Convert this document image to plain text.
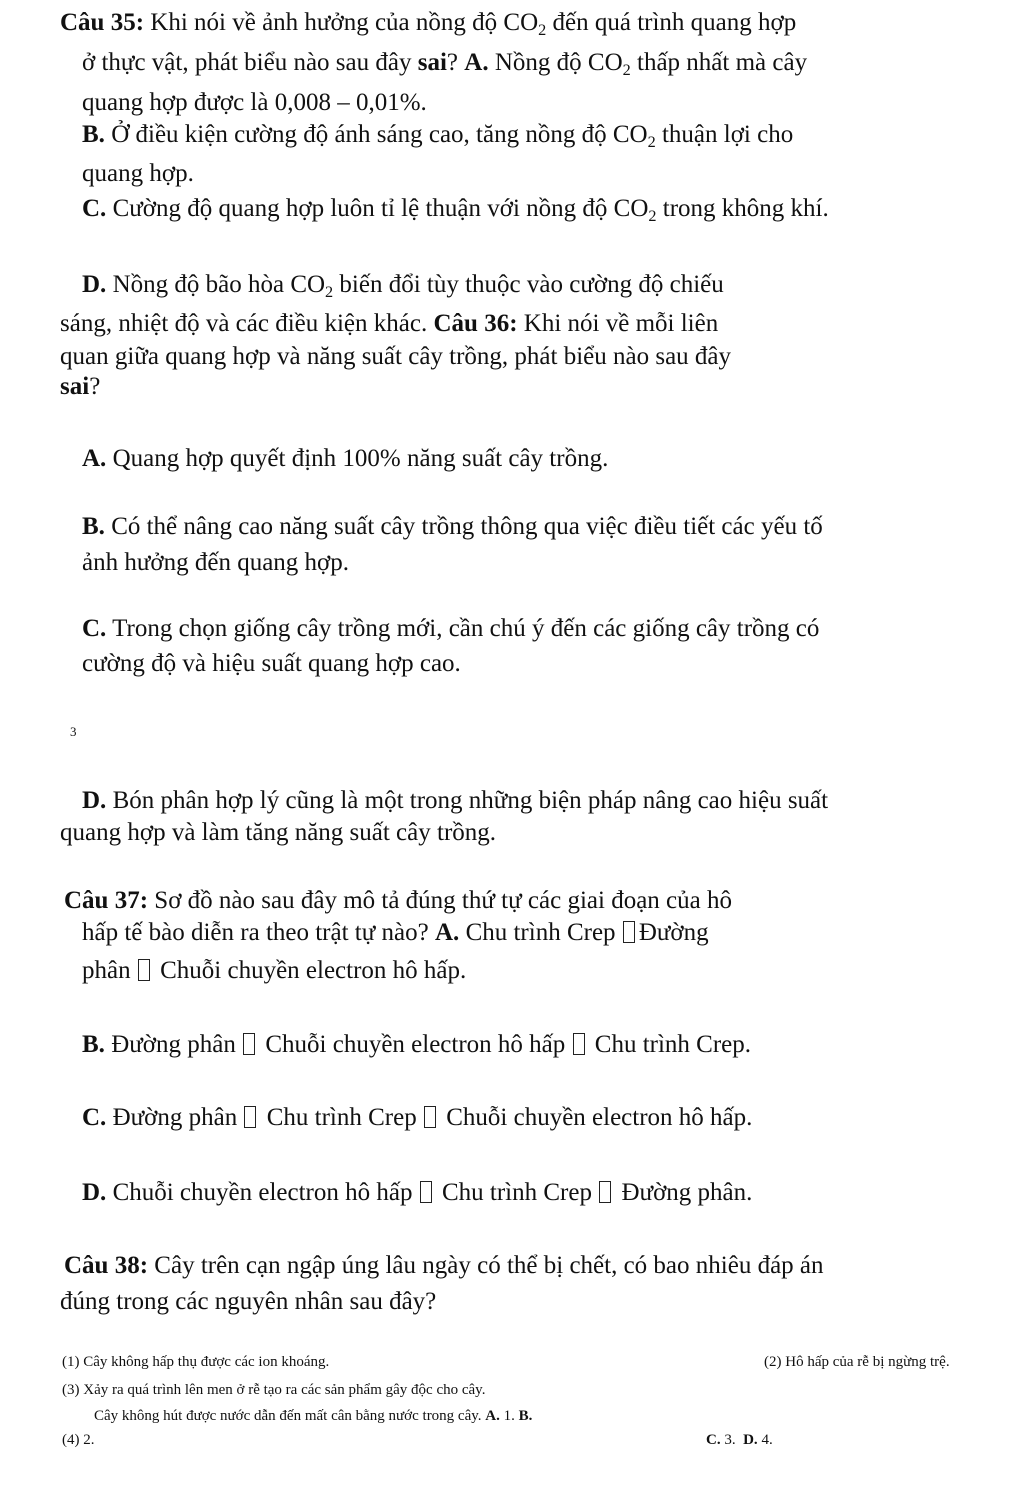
Câu 35: Khi nói về ảnh hưởng của nồng độ $CO_2$ đến quá trình quang hợp
ở thực vật, phát biểu nào sau đây sai? A. Nồng độ $CO_2$ thấp nhất mà cây
quang hợp được là 0,008 – 0,01%.
B. Ở điều kiện cường độ ánh sáng cao, tăng nồng độ $CO_2$ thuận lợi cho
quang hợp.
C. Cường độ quang hợp luôn tỉ lệ thuận với nồng độ $CO_2$ trong không khí.
D. Nồng độ bão hòa $CO_2$ biến đổi tùy thuộc vào cường độ chiếu
sáng, nhiệt độ và các điều kiện khác. Câu 36: Khi nói về mỗi liên
quan giữa quang hợp và năng suất cây trồng, phát biểu nào sau đây
sai?
A. Quang hợp quyết định 100% năng suất cây trồng.
B. Có thể nâng cao năng suất cây trồng thông qua việc điều tiết các yếu tố
ảnh hưởng đến quang hợp.
C. Trong chọn giống cây trồng mới, cần chú ý đến các giống cây trồng có
cường độ và hiệu suất quang hợp cao.
3
D. Bón phân hợp lý cũng là một trong những biện pháp nâng cao hiệu suất
quang hợp và làm tăng năng suất cây trồng.
Câu 37: Sơ đồ nào sau đây mô tả đúng thứ tự các giai đoạn của hô
hấp tế bào diễn ra theo trật tự nào? A. Chu trình Crep Đường
phân Chuỗi chuyền electron hô hấp.
B. Đường phân Chuỗi chuyền electron hô hấp Chu trình Crep.
C. Đường phân Chu trình Crep Chuỗi chuyền electron hô hấp.
D. Chuỗi chuyền electron hô hấp Chu trình Crep Đường phân.
Câu 38: Cây trên cạn ngập úng lâu ngày có thể bị chết, có bao nhiêu đáp án
đúng trong các nguyên nhân sau đây?
(1) Cây không hấp thụ được các ion khoáng.	(2) Hô hấp của rễ bị ngừng trệ.
(3) Xảy ra quá trình lên men ở rễ tạo ra các sản phẩm gây độc cho cây.
Cây không hút được nước dẫn đến mất cân bằng nước trong cây. A. 1. B.
(4) 2.	C. 3. D. 4.
